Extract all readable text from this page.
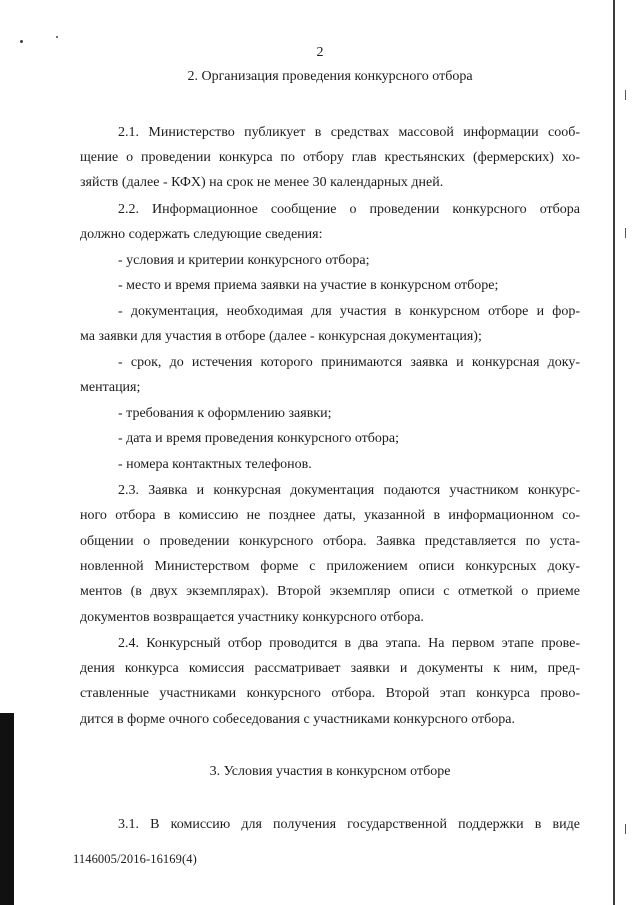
2
2. Организация проведения конкурсного отбора
2.1. Министерство публикует в средствах массовой информации сооб-
щение о проведении конкурса по отбору глав крестьянских (фермерских) хо-
зяйств (далее - КФХ) на срок не менее 30 календарных дней.
2.2. Информационное сообщение о проведении конкурсного отбора
должно содержать следующие сведения:
- условия и критерии конкурсного отбора;
- место и время приема заявки на участие в конкурсном отборе;
- документация, необходимая для участия в конкурсном отборе и фор-
ма заявки для участия в отборе (далее - конкурсная документация);
- срок, до истечения которого принимаются заявка и конкурсная доку-
ментация;
- требования к оформлению заявки;
- дата и время проведения конкурсного отбора;
- номера контактных телефонов.
2.3. Заявка и конкурсная документация подаются участником конкурс-
ного отбора в комиссию не позднее даты, указанной в информационном со-
общении о проведении конкурсного отбора. Заявка представляется по уста-
новленной Министерством форме с приложением описи конкурсных доку-
ментов (в двух экземплярах). Второй экземпляр описи с отметкой о приеме
документов возвращается участнику конкурсного отбора.
2.4. Конкурсный отбор проводится в два этапа. На первом этапе прове-
дения конкурса комиссия рассматривает заявки и документы к ним, пред-
ставленные участниками конкурсного отбора. Второй этап конкурса прово-
дится в форме очного собеседования с участниками конкурсного отбора.
3. Условия участия в конкурсном отборе
3.1. В комиссию для получения государственной поддержки в виде
1146005/2016-16169(4)
